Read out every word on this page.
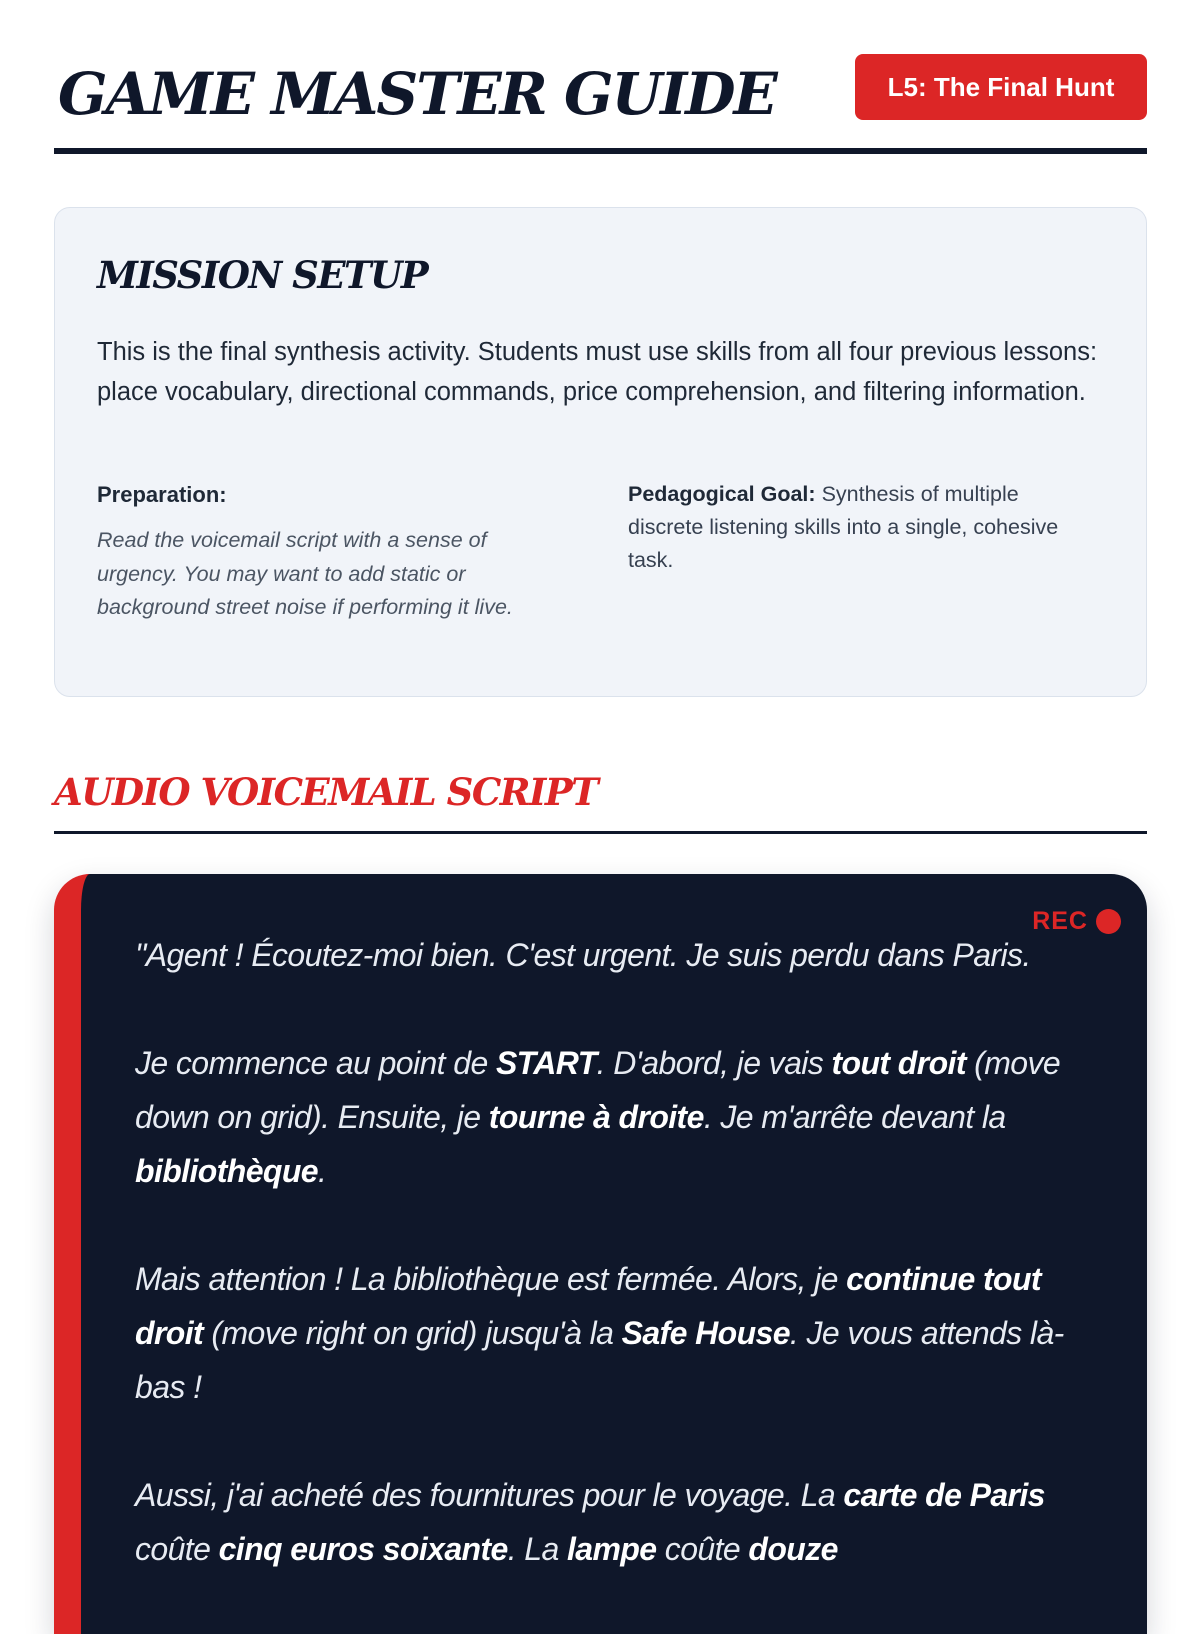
GAME MASTER GUIDE	L5: The Final Hunt
MISSION SETUP

This is the final synthesis activity. Students must use skills from all four previous lessons: place vocabulary, directional commands, price comprehension, and filtering information.

Preparation:

Read the voicemail script with a sense of urgency. You may want to add static or background street noise if performing it live.

Pedagogical Goal: Synthesis of multiple discrete listening skills into a single, cohesive task.

AUDIO VOICEMAIL SCRIPT
REC

"Agent ! Écoutez-moi bien. C'est urgent. Je suis perdu dans Paris.

Je commence au point de START. D'abord, je vais tout droit (move down on grid). Ensuite, je tourne à droite. Je m'arrête devant la bibliothèque.

Mais attention ! La bibliothèque est fermée. Alors, je continue tout droit (move right on grid) jusqu'à la Safe House. Je vous attends là-bas !

Aussi, j'ai acheté des fournitures pour le voyage. La carte de Paris coûte cinq euros soixante. La lampe coûte douze
